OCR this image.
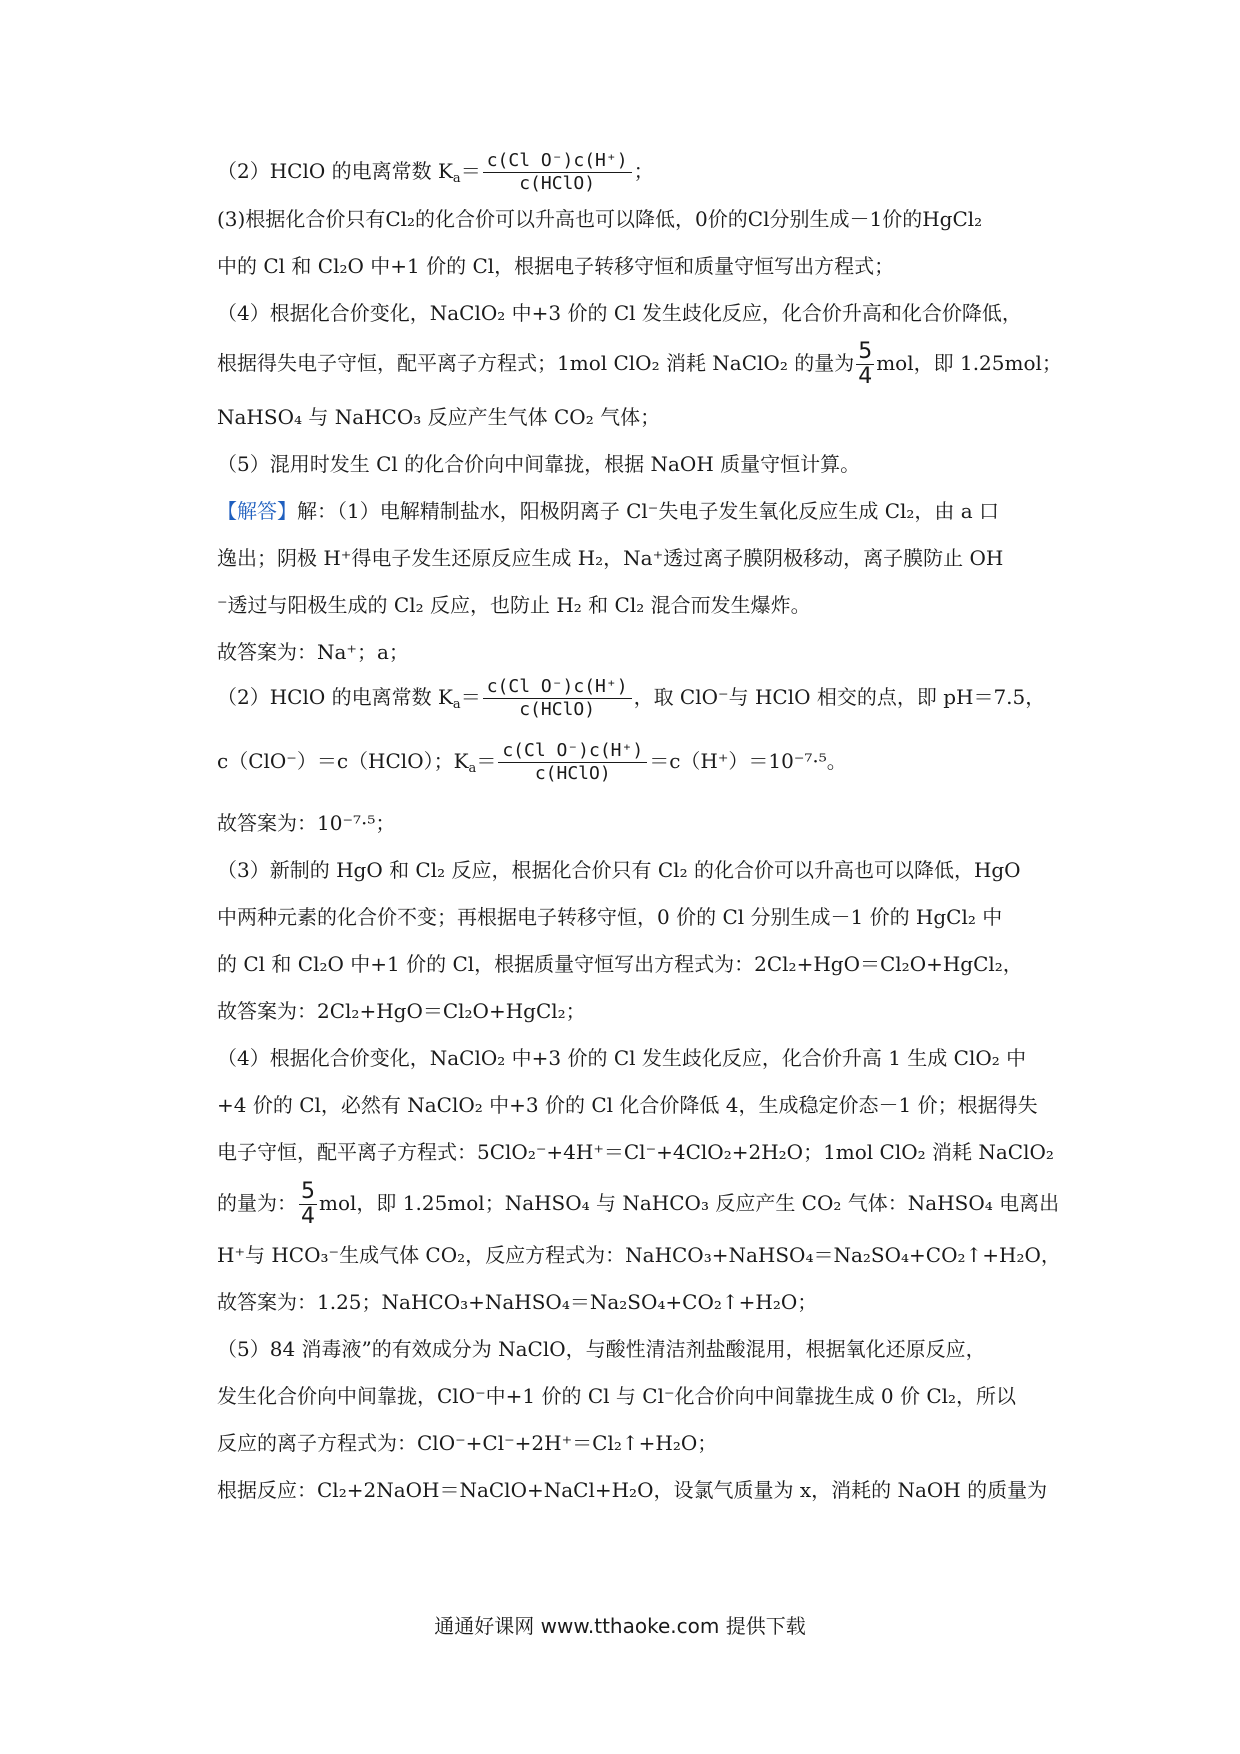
（2）HClO 的电离常数 $K_a= \frac{\text{c(Cl O⁻)c(H⁺)}}{\text{c(HClO)}}$ ；
(3)根据化合价只有Cl₂的化合价可以升高也可以降低，0价的Cl分别生成－1价的HgCl₂
中的 Cl 和 Cl₂O 中+1 价的 Cl，根据电子转移守恒和质量守恒写出方程式；
（4）根据化合价变化，NaClO₂ 中+3 价的 Cl 发生歧化反应，化合价升高和化合价降低，
根据得失电子守恒，配平离子方程式；1mol ClO₂ 消耗 NaClO₂ 的量为 $\frac{5}{4}$ mol，即 1.25mol；
NaHSO₄ 与 NaHCO₃ 反应产生气体 CO₂ 气体；
（5）混用时发生 Cl 的化合价向中间靠拢，根据 NaOH 质量守恒计算。
【解答】解：（1）电解精制盐水，阳极阴离子 Cl⁻失电子发生氧化反应生成 Cl₂，由 a 口
逸出；阴极 H⁺得电子发生还原反应生成 H₂，Na⁺透过离子膜阴极移动，离子膜防止 OH
⁻透过与阳极生成的 Cl₂ 反应，也防止 H₂ 和 Cl₂ 混合而发生爆炸。
故答案为：Na⁺；a；
（2）HClO 的电离常数 $K_a= \frac{\text{c(Cl O⁻)c(H⁺)}}{\text{c(HClO)}}$ ，取 ClO⁻与 HClO 相交的点，即 pH＝7.5，
c（ClO⁻）＝c（HClO）；$K_a= \frac{\text{c(Cl O⁻)c(H⁺)}}{\text{c(HClO)}} =c(H^+)=10^{-7}\cdot^5$。
故答案为：10⁻⁷·⁵；
（3）新制的 HgO 和 Cl₂ 反应，根据化合价只有 Cl₂ 的化合价可以升高也可以降低，HgO
中两种元素的化合价不变；再根据电子转移守恒，0 价的 Cl 分别生成－1 价的 HgCl₂ 中
的 Cl 和 Cl₂O 中+1 价的 Cl，根据质量守恒写出方程式为：2Cl₂+HgO＝Cl₂O+HgCl₂，
故答案为：2Cl₂+HgO＝Cl₂O+HgCl₂；
（4）根据化合价变化，NaClO₂ 中+3 价的 Cl 发生歧化反应，化合价升高 1 生成 ClO₂ 中
+4 价的 Cl，必然有 NaClO₂ 中+3 价的 Cl 化合价降低 4，生成稳定价态－1 价；根据得失
电子守恒，配平离子方程式：5ClO₂⁻+4H⁺＝Cl⁻+4ClO₂+2H₂O；1mol ClO₂ 消耗 NaClO₂
的量为： $\frac{5}{4}$ mol，即 1.25mol；NaHSO₄ 与 NaHCO₃ 反应产生 CO₂ 气体：NaHSO₄ 电离出
H⁺与 HCO₃⁻生成气体 CO₂，反应方程式为：NaHCO₃+NaHSO₄＝Na₂SO₄+CO₂↑+H₂O，
故答案为：1.25；NaHCO₃+NaHSO₄＝Na₂SO₄+CO₂↑+H₂O；
（5）84 消毒液”的有效成分为 NaClO，与酸性清洁剂盐酸混用，根据氧化还原反应，
发生化合价向中间靠拢，ClO⁻中+1 价的 Cl 与 Cl⁻化合价向中间靠拢生成 0 价 Cl₂，所以
反应的离子方程式为：ClO⁻+Cl⁻+2H⁺＝Cl₂↑+H₂O；
根据反应：Cl₂+2NaOH＝NaClO+NaCl+H₂O，设氯气质量为 x，消耗的 NaOH 的质量为
通通好课网 www.tthaoke.com 提供下载
